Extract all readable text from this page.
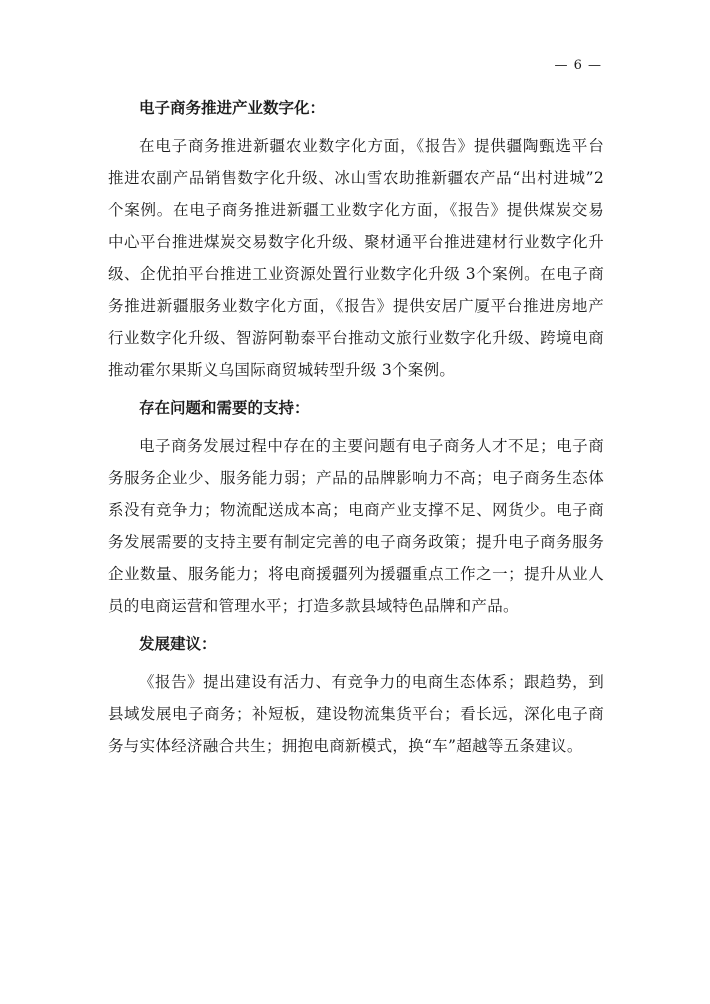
— 6 —

电子商务推进产业数字化：

在电子商务推进新疆农业数字化方面，《报告》提供疆陶甄选平台推进农副产品销售数字化升级、冰山雪农助推新疆农产品“出村进城”2个案例。在电子商务推进新疆工业数字化方面，《报告》提供煤炭交易中心平台推进煤炭交易数字化升级、聚材通平台推进建材行业数字化升级、企优拍平台推进工业资源处置行业数字化升级 3个案例。在电子商务推进新疆服务业数字化方面，《报告》提供安居广厦平台推进房地产行业数字化升级、智游阿勒泰平台推动文旅行业数字化升级、跨境电商推动霍尔果斯义乌国际商贸城转型升级 3个案例。

存在问题和需要的支持：

电子商务发展过程中存在的主要问题有电子商务人才不足；电子商务服务企业少、服务能力弱；产品的品牌影响力不高；电子商务生态体系没有竞争力；物流配送成本高；电商产业支撑不足、网货少。电子商务发展需要的支持主要有制定完善的电子商务政策；提升电子商务服务企业数量、服务能力；将电商援疆列为援疆重点工作之一；提升从业人员的电商运营和管理水平；打造多款县域特色品牌和产品。

发展建议：

《报告》提出建设有活力、有竞争力的电商生态体系；跟趋势，到县域发展电子商务；补短板，建设物流集货平台；看长远，深化电子商务与实体经济融合共生；拥抱电商新模式，换“车”超越等五条建议。
